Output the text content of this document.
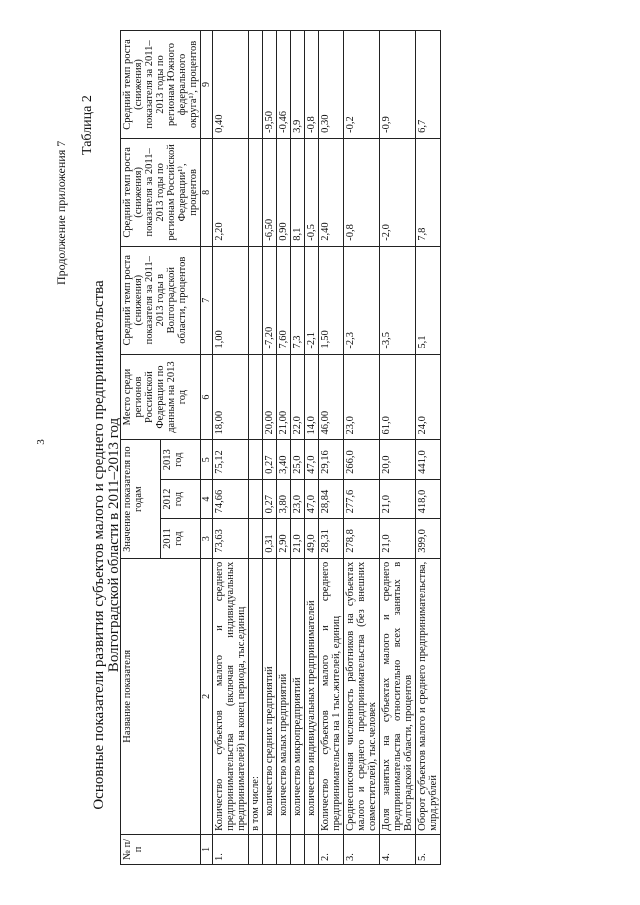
3
Продолжение приложения 7
Таблица 2
Основные показатели развития субъектов малого и среднего предпринимательства Волгоградской области в 2011–2013 год
№ п/п	Название показателя	Значение показателя по годам			Место среди регионов Российской Федерации по данным на 2013 год	Средний темп роста (снижения) показателя за 2011–2013 годы в Волгоградской области, процентов	Средний темп роста (снижения) показателя за 2011–2013 годы по регионам Российской Федерации¹⁾, процентов	Средний темп роста (снижения) показателя за 2011–2013 годы по регионам Южного федерального округа¹⁾, процентов
		2011 год	2012 год	2013 год				
1	2	3	4	5	6	7	8	9
1.	Количество субъектов малого и среднего предпринимательства (включая индивидуальных предпринимателей) на конец периода, тыс.единиц	73,63	74,66	75,12	18,00	1,00	2,20	0,40
	в том числе:							
	количество средних предприятий	0,31	0,27	0,27	20,00	-7,20	-6,50	-9,50
	количество малых предприятий	2,90	3,80	3,40	21,00	7,60	0,90	-0,46
	количество микропредприятий	21,0	23,0	25,0	22,0	7,3	8,1	3,9
	количество индивидуальных предпринимателей	49,0	47,0	47,0	14,0	-2,1	-0,5	-0,8
2.	Количество субъектов малого и среднего предпринимательства на 1 тыс.жителей, единиц	28,31	28,84	29,16	46,00	1,50	2,40	0,30
3.	Среднесписочная численность работников на субъектах малого и среднего предпринимательства (без внешних совместителей), тыс.человек	278,8	277,6	266,0	23,0	-2,3	-0,8	-0,2
4.	Доля занятых на субъектах малого и среднего предпринимательства относительно всех занятых в Волгоградской области, процентов	21,0	21,0	20,0	61,0	-3,5	-2,0	-0,9
5.	Оборот субъектов малого и среднего предпринимательства, млрд.рублей	399,0	418,0	441,0	24,0	5,1	7,8	6,7
